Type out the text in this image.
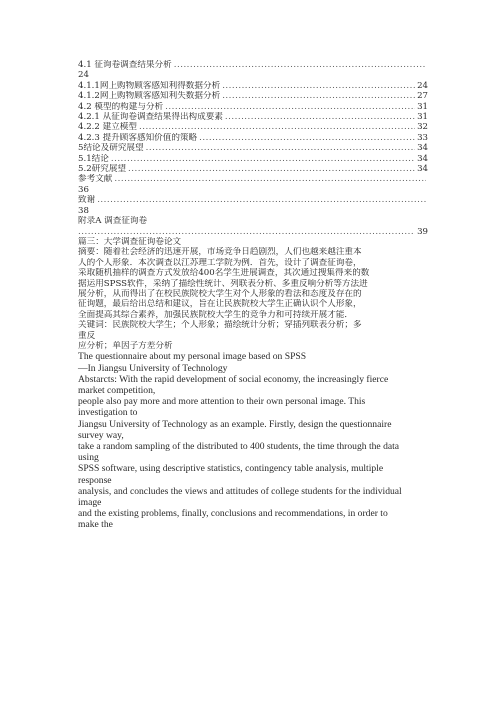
4.1 征询卷调查结果分析
.....
24
4.1.1网上购物顾客感知利得数据分析 .....	24
4.1.2网上购物顾客感知利失数据分析 .....	27
4.2 模型的构建与分析 .....	31
4.2.1 从征询卷调查结果得出构成要素 .....	31
4.2.2 建立模型 .....	32
4.2.3 提升顾客感知价值的策略 .....	33
5结论及研究展望 .....	34
5.1结论 .....	34
5.2研究展望 .....	34
参考文献
.....
36
致谢
.....
38
附录A 调查征询卷
.....
39
篇三：大学调查征询卷论文
摘要：随着社会经济的迅速开展，市场竞争日趋剧烈，人们也越来越注重本
人的个人形象．本次调查以江苏理工学院为例．首先，设计了调查征询卷，
采取随机抽样的调查方式发放给400名学生进展调查，其次通过搜集得来的数
据运用SPSS软件，采纳了描绘性统计、列联表分析、多重反响分析等方法进
展分析，从而得出了在校民族院校大学生对个人形象的看法和态度及存在的
征询题，最后给出总结和建议，旨在让民族院校大学生正确认识个人形象，
全面提高其综合素养，加强民族院校大学生的竞争力和可持续开展才能．
关键词：民族院校大学生；个人形象；描绘统计分析；穿插列联表分析；多
重反
应分析；单因子方差分析
The questionnaire about my personal image based on SPSS
—In Jiangsu University of Technology
Abstarcts: With the rapid development of social economy, the increasingly fierce
market competition,
people also pay more and more attention to their own personal image. This
investigation to
Jiangsu University of Technology as an example. Firstly, design the questionnaire
survey way,
take a random sampling of the distributed to 400 students, the time through the data
using
SPSS software, using descriptive statistics, contingency table analysis, multiple
response
analysis, and concludes the views and attitudes of college students for the individual
image
and the existing problems, finally, conclusions and recommendations, in order to
make the
